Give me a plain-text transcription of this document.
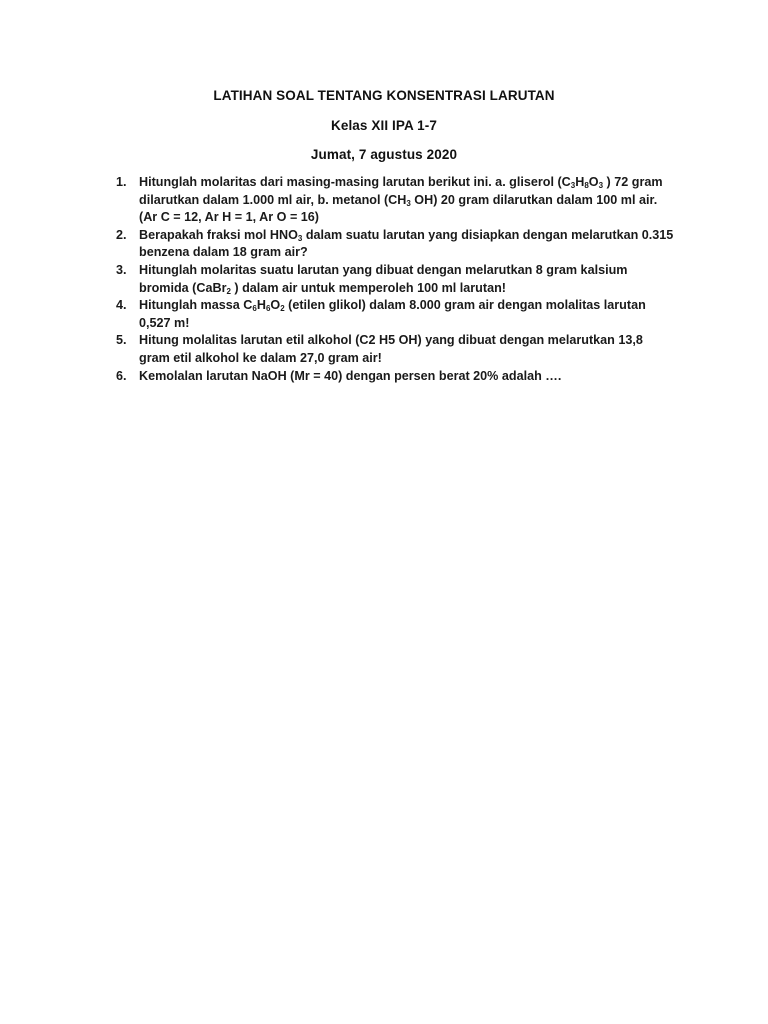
LATIHAN SOAL TENTANG KONSENTRASI LARUTAN
Kelas XII IPA 1-7
Jumat, 7 agustus 2020
1. Hitunglah molaritas dari masing-masing larutan berikut ini. a. gliserol ($C_3H_8O_3$ ) 72 gram dilarutkan dalam 1.000 ml air, b. metanol ($CH_3$ OH) 20 gram dilarutkan dalam 100 ml air. (Ar C = 12, Ar H = 1, Ar O = 16)
2. Berapakah fraksi mol $HNO_3$ dalam suatu larutan yang disiapkan dengan melarutkan 0.315 benzena dalam 18 gram air?
3. Hitunglah molaritas suatu larutan yang dibuat dengan melarutkan 8 gram kalsium bromida (CaBr$_2$ ) dalam air untuk memperoleh 100 ml larutan!
4. Hitunglah massa $C_6H_6O_2$ (etilen glikol) dalam 8.000 gram air dengan molalitas larutan 0,527 m!
5. Hitung molalitas larutan etil alkohol (C2 H5 OH) yang dibuat dengan melarutkan 13,8 gram etil alkohol ke dalam 27,0 gram air!
6. Kemolalan larutan NaOH (Mr = 40) dengan persen berat 20% adalah ….
